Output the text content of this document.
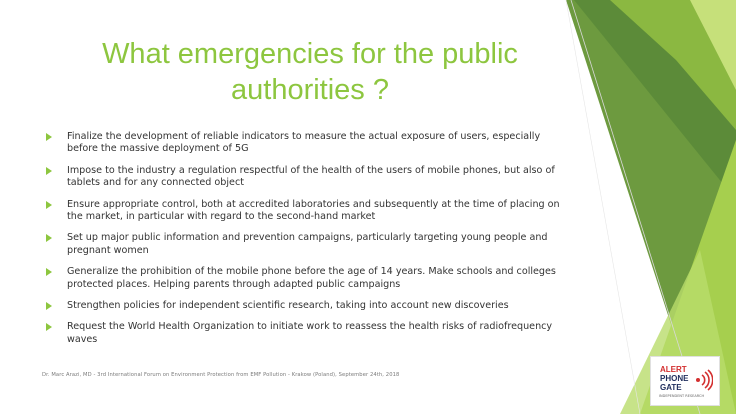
What emergencies for the public authorities ?
Finalize the development of reliable indicators to measure the actual exposure of users, especially before the massive deployment of 5G
Impose to the industry a regulation respectful of the health of the users of mobile phones, but also of tablets and for any connected object
Ensure appropriate control, both at accredited laboratories and subsequently at the time of placing on the market, in particular with regard to the second-hand market
Set up major public information and prevention campaigns, particularly targeting young people and pregnant women
Generalize the prohibition of the mobile phone before the age of 14 years. Make schools and colleges protected places. Helping parents through adapted public campaigns
Strengthen policies for independent scientific research, taking into account new discoveries
Request the World Health Organization to initiate work to reassess the health risks of radiofrequency waves
Dr. Marc Arazi, MD - 3rd International Forum on Environment Protection from EMF Pollution - Krakow (Poland), September 24th, 2018
ALERT
PHONE
GATE
INDEPENDENT RESEARCH
